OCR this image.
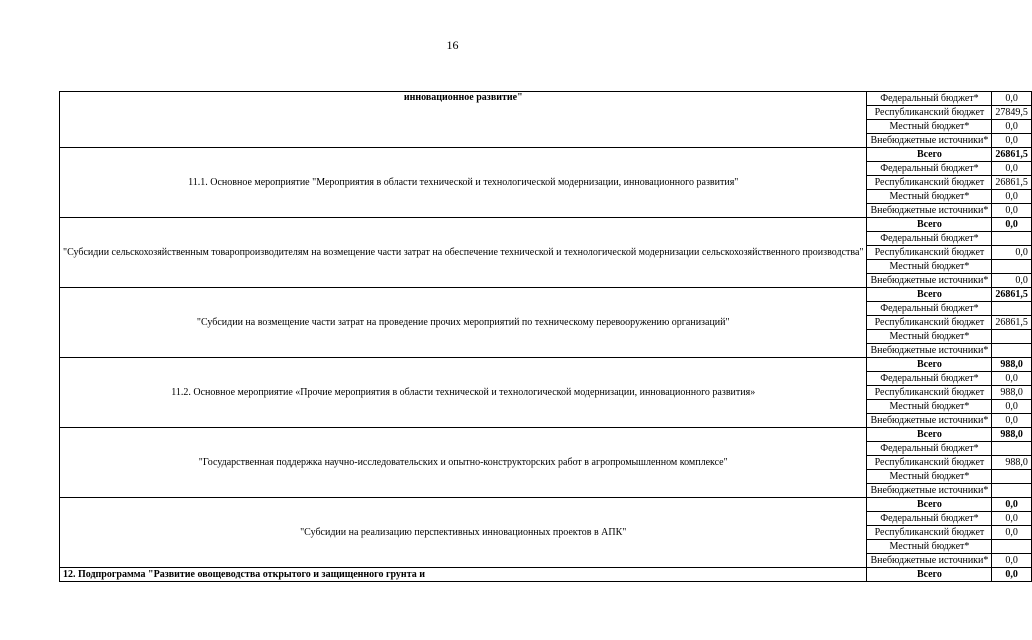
16
инновационное развитие"	Федеральный бюджет*	0,0
	Республиканский бюджет	27849,5
	Местный бюджет*	0,0
	Внебюджетные источники*	0,0
11.1. Основное мероприятие "Мероприятия в области технической и технологической модернизации, инновационного развития"	Всего	26861,5
	Федеральный бюджет*	0,0
	Республиканский бюджет	26861,5
	Местный бюджет*	0,0
	Внебюджетные источники*	0,0
"Субсидии сельскохозяйственным товаропроизводителям на возмещение части затрат на обеспечение технической и технологической модернизации сельскохозяйственного производства"	Всего	0,0
	Федеральный бюджет*	
	Республиканский бюджет	0,0
	Местный бюджет*	
	Внебюджетные источники*	0,0
"Субсидии на возмещение части затрат на проведение прочих мероприятий по техническому перевооружению организаций"	Всего	26861,5
	Федеральный бюджет*	
	Республиканский бюджет	26861,5
	Местный бюджет*	
	Внебюджетные источники*	
11.2. Основное мероприятие «Прочие мероприятия в области технической и технологической модернизации, инновационного развития»	Всего	988,0
	Федеральный бюджет*	0,0
	Республиканский бюджет	988,0
	Местный бюджет*	0,0
	Внебюджетные источники*	0,0
"Государственная поддержка научно-исследовательских и опытно-конструкторских работ в агропромышленном комплексе"	Всего	988,0
	Федеральный бюджет*	
	Республиканский бюджет	988,0
	Местный бюджет*	
	Внебюджетные источники*	
"Субсидии на реализацию перспективных инновационных проектов в АПК"	Всего	0,0
	Федеральный бюджет*	0,0
	Республиканский бюджет	0,0
	Местный бюджет*	
	Внебюджетные источники*	0,0
12. Подпрограмма "Развитие овощеводства открытого и защищенного грунта и	Всего	0,0
